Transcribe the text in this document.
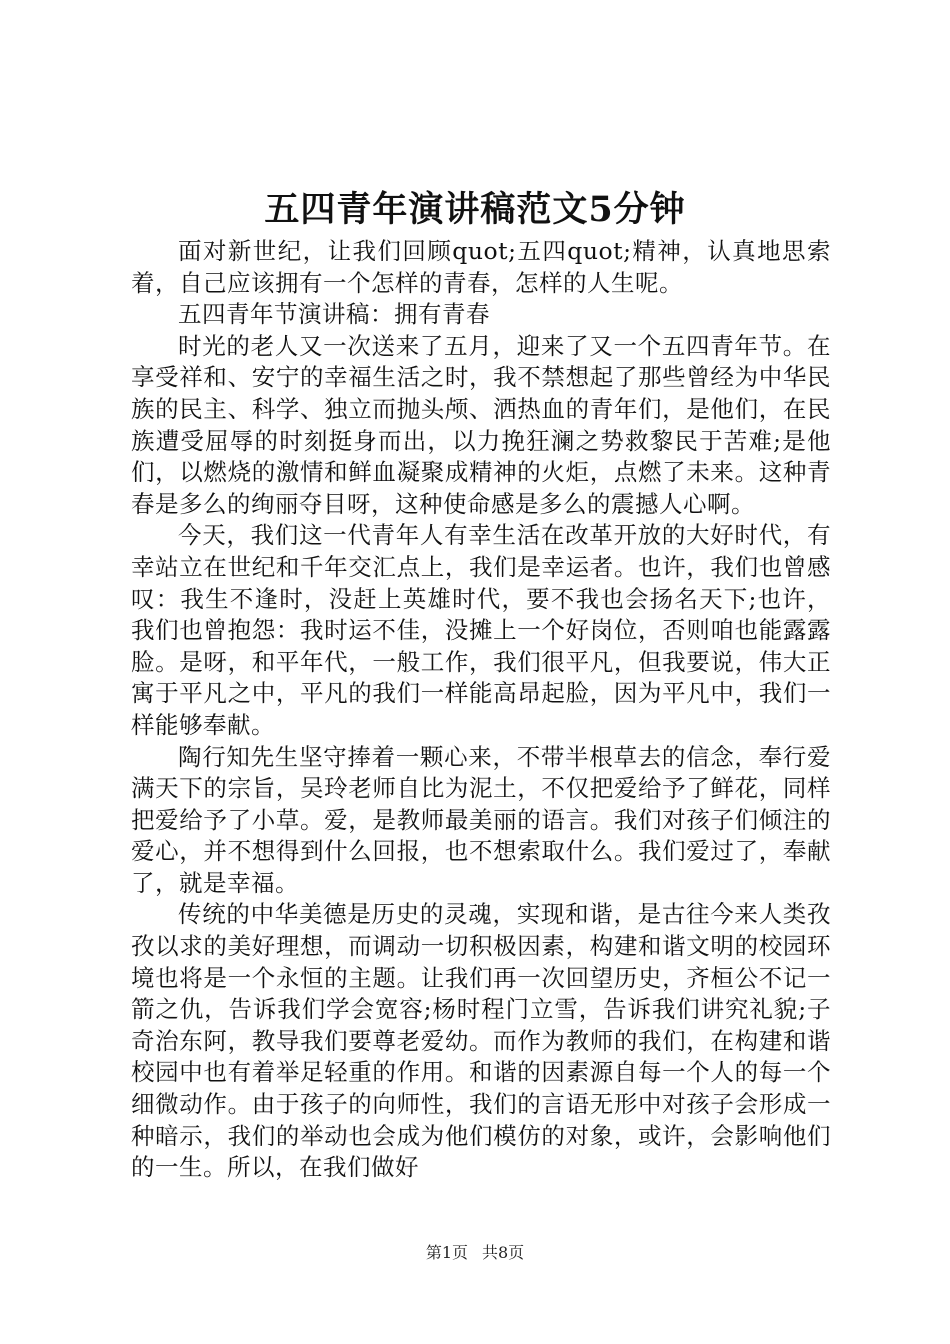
五四青年演讲稿范文5分钟

面对新世纪，让我们回顾quot;五四quot;精神，认真地思索着，自己应该拥有一个怎样的青春，怎样的人生呢。

五四青年节演讲稿：拥有青春

时光的老人又一次送来了五月，迎来了又一个五四青年节。在享受祥和、安宁的幸福生活之时，我不禁想起了那些曾经为中华民族的民主、科学、独立而抛头颅、洒热血的青年们，是他们，在民族遭受屈辱的时刻挺身而出，以力挽狂澜之势救黎民于苦难;是他们，以燃烧的激情和鲜血凝聚成精神的火炬，点燃了未来。这种青春是多么的绚丽夺目呀，这种使命感是多么的震撼人心啊。

今天，我们这一代青年人有幸生活在改革开放的大好时代，有幸站立在世纪和千年交汇点上，我们是幸运者。也许，我们也曾感叹：我生不逢时，没赶上英雄时代，要不我也会扬名天下;也许，我们也曾抱怨：我时运不佳，没摊上一个好岗位，否则咱也能露露脸。是呀，和平年代，一般工作，我们很平凡，但我要说，伟大正寓于平凡之中，平凡的我们一样能高昂起脸，因为平凡中，我们一样能够奉献。

陶行知先生坚守捧着一颗心来，不带半根草去的信念，奉行爱满天下的宗旨，吴玲老师自比为泥土，不仅把爱给予了鲜花，同样把爱给予了小草。爱，是教师最美丽的语言。我们对孩子们倾注的爱心，并不想得到什么回报，也不想索取什么。我们爱过了，奉献了，就是幸福。

传统的中华美德是历史的灵魂，实现和谐，是古往今来人类孜孜以求的美好理想，而调动一切积极因素，构建和谐文明的校园环境也将是一个永恒的主题。让我们再一次回望历史，齐桓公不记一箭之仇，告诉我们学会宽容;杨时程门立雪，告诉我们讲究礼貌;子奇治东阿，教导我们要尊老爱幼。而作为教师的我们，在构建和谐校园中也有着举足轻重的作用。和谐的因素源自每一个人的每一个细微动作。由于孩子的向师性，我们的言语无形中对孩子会形成一种暗示，我们的举动也会成为他们模仿的对象，或许，会影响他们的一生。所以，在我们做好

第1页 共8页
